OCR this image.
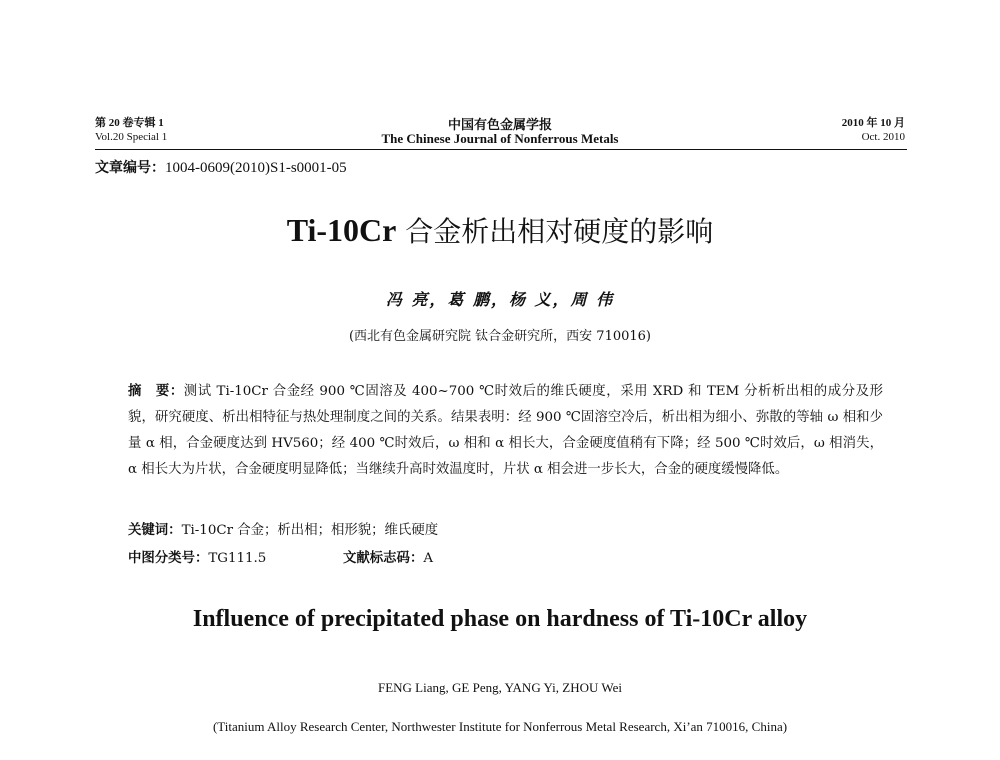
第 20 卷专辑 1	中国有色金属学报	2010 年 10 月
Vol.20 Special 1	The Chinese Journal of Nonferrous Metals	Oct. 2010
文章编号：1004-0609(2010)S1-s0001-05
Ti-10Cr 合金析出相对硬度的影响
冯 亮，葛 鹏，杨 义，周 伟
(西北有色金属研究院 钛合金研究所，西安 710016)
摘　要：测试 Ti-10Cr 合金经 900 ℃固溶及 400~700 ℃时效后的维氏硬度，采用 XRD 和 TEM 分析析出相的成分及形貌，研究硬度、析出相特征与热处理制度之间的关系。结果表明：经 900 ℃固溶空冷后，析出相为细小、弥散的等轴 ω 相和少量 α 相，合金硬度达到 HV560；经 400 ℃时效后，ω 相和 α 相长大，合金硬度值稍有下降；经 500 ℃时效后，ω 相消失，α 相长大为片状，合金硬度明显降低；当继续升高时效温度时，片状 α 相会进一步长大，合金的硬度缓慢降低。
关键词：Ti-10Cr 合金；析出相；相形貌；维氏硬度
中图分类号：TG111.5	文献标志码：A
Influence of precipitated phase on hardness of Ti-10Cr alloy
FENG Liang, GE Peng, YANG Yi, ZHOU Wei
(Titanium Alloy Research Center, Northwester Institute for Nonferrous Metal Research, Xi’an 710016, China)
